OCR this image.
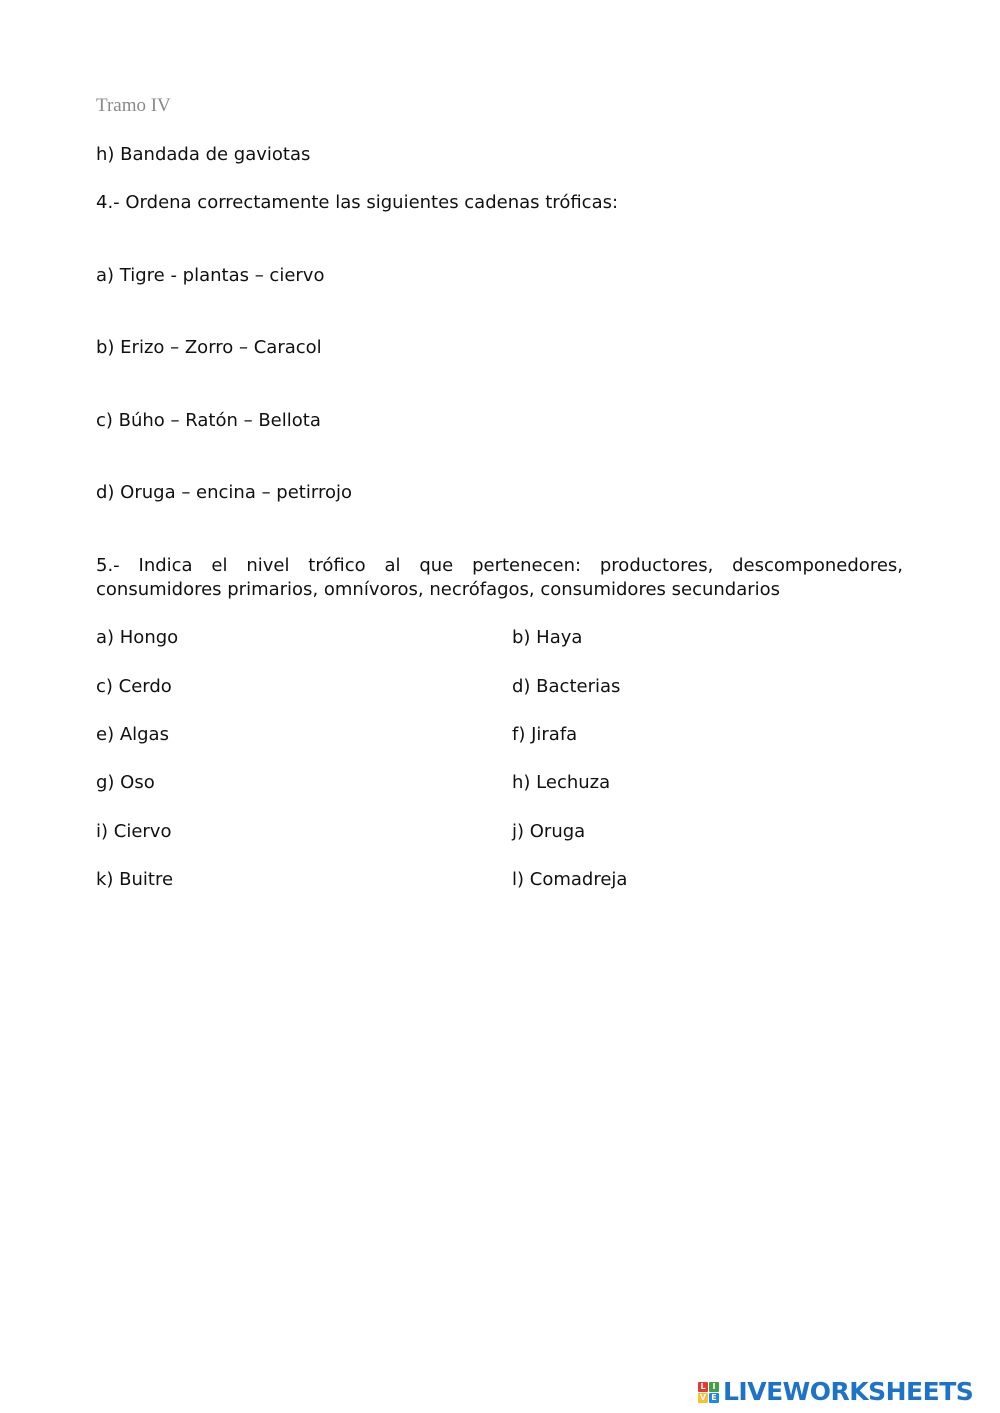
Tramo IV
h) Bandada de gaviotas
4.- Ordena correctamente las siguientes cadenas tróficas:
a) Tigre - plantas – ciervo
b) Erizo – Zorro – Caracol
c) Búho – Ratón – Bellota
d) Oruga – encina – petirrojo
5.- Indica el nivel trófico al que pertenecen: productores, descomponedores,
consumidores primarios, omnívoros, necrófagos, consumidores secundarios
a) Hongo	b) Haya
c) Cerdo	d) Bacterias
e) Algas	f) Jirafa
g) Oso	h) Lechuza
i) Ciervo	j) Oruga
k) Buitre	l) Comadreja
L I
V E LIVEWORKSHEETS
